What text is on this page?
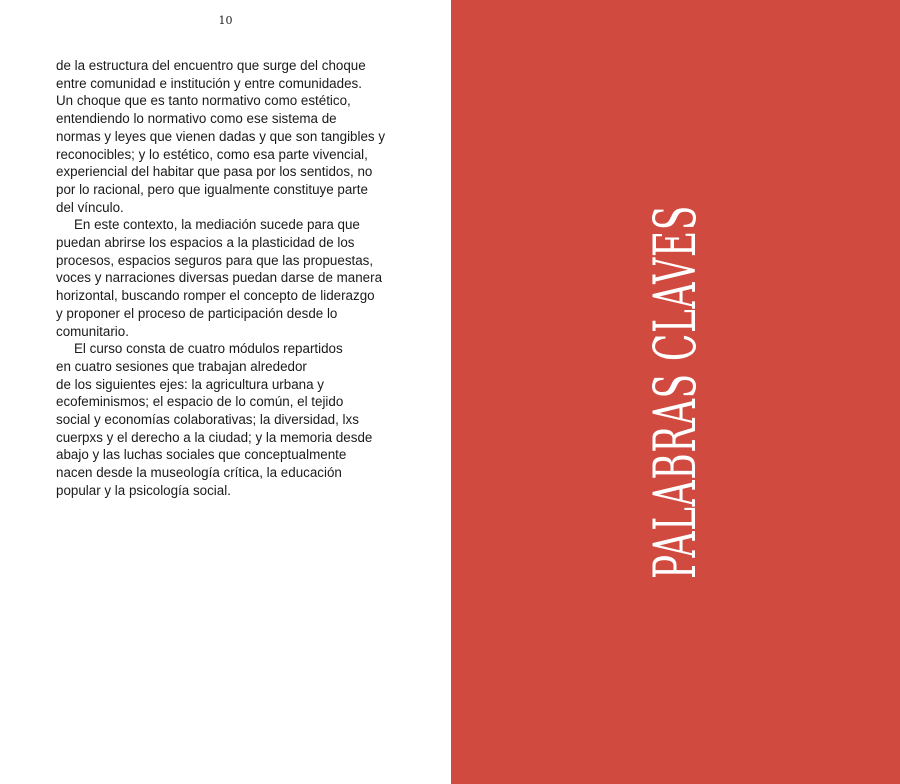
10

de la estructura del encuentro que surge del choque
entre comunidad e institución y entre comunidades.
Un choque que es tanto normativo como estético,
entendiendo lo normativo como ese sistema de
normas y leyes que vienen dadas y que son tangibles y
reconocibles; y lo estético, como esa parte vivencial,
experiencial del habitar que pasa por los sentidos, no
por lo racional, pero que igualmente constituye parte
del vínculo.

En este contexto, la mediación sucede para que
puedan abrirse los espacios a la plasticidad de los
procesos, espacios seguros para que las propuestas,
voces y narraciones diversas puedan darse de manera
horizontal, buscando romper el concepto de liderazgo
y proponer el proceso de participación desde lo
comunitario.

El curso consta de cuatro módulos repartidos
en cuatro sesiones que trabajan alrededor
de los siguientes ejes: la agricultura urbana y
ecofeminismos; el espacio de lo común, el tejido
social y economías colaborativas; la diversidad, lxs
cuerpxs y el derecho a la ciudad; y la memoria desde
abajo y las luchas sociales que conceptualmente
nacen desde la museología crítica, la educación
popular y la psicología social.	PALABRAS CLAVES
